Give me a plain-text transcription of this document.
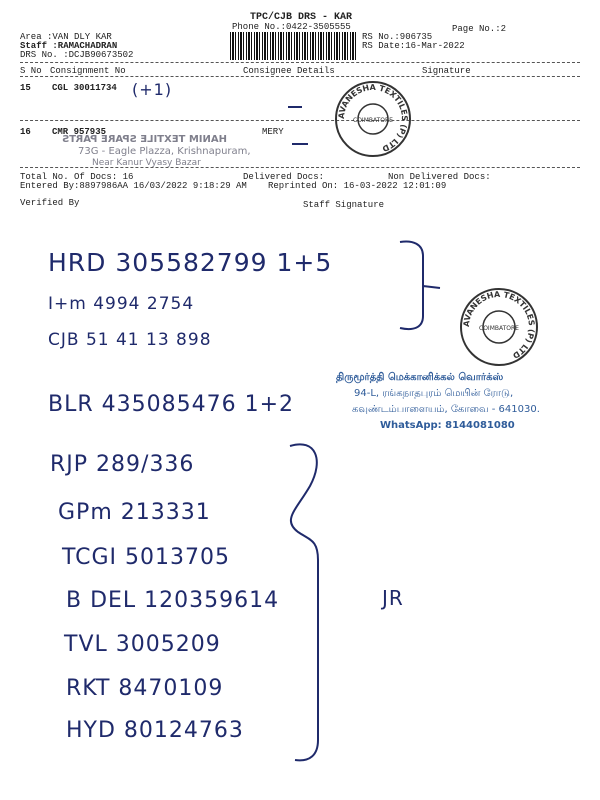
TPC/CJB DRS - KAR
Phone No.:0422-3505555	Page No.:2
Area :VAN DLY KAR
Staff :RAMACHADRAN
DRS No. :DCJB90673502
RS No.:906735
RS Date:16-Mar-2022
S No Consignment No	Consignee Details	Signature
15 CGL 30011734 (+1)
16 CMR 957935	MERY
HANIM TEXTILE SPARE PARTS
73G - Eagle Plazza, Krishnapuram,
Near Kanur Vyasy Bazar
Total No. Of Docs: 16	Delivered Docs:	Non Delivered Docs:
Entered By:8897986AA 16/03/2022 9:18:29 AM Reprinted On: 16-03-2022 12:01:09
Verified By	Staff Signature
AVANESHA TEXTILES (P) LTD
COIMBATORE
AVANESHA TEXTILES (P) LTD
COIMBATORE
HRD 305582799 1+5
I+m 4994 2754
CJB 51 41 13 898
BLR 435085476 1+2
RJP 289/336
GPm 213331
TCGI 5013705
B DEL 120359614
TVL 3005209
RKT 8470109
HYD 80124763
JR
திருமூர்த்தி மெக்கானிக்கல் வொர்க்ஸ்
94-L, ரங்கநாதபுரம் மெயின் ரோடு,
கவுண்டம்பாளையம், கோவை - 641030.
WhatsApp: 8144081080
